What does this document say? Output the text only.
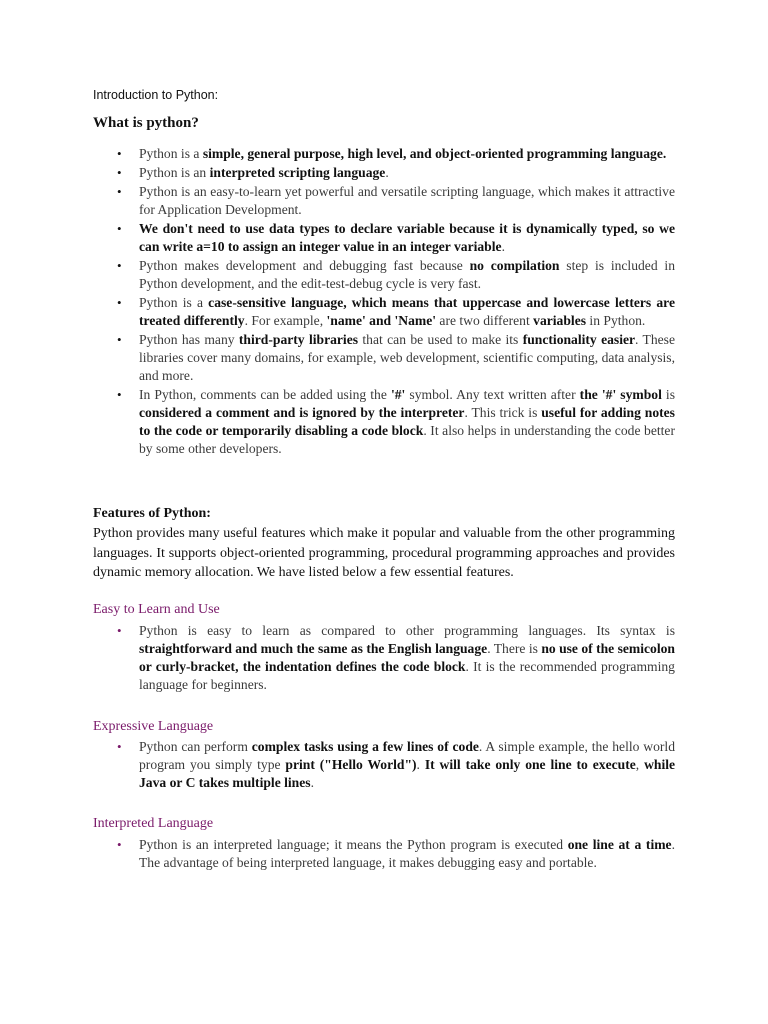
Introduction to Python:
What is python?
• Python is a simple, general purpose, high level, and object-oriented programming language.
• Python is an interpreted scripting language.
• Python is an easy-to-learn yet powerful and versatile scripting language, which makes it attractive for Application Development.
• We don't need to use data types to declare variable because it is dynamically typed, so we can write a=10 to assign an integer value in an integer variable.
• Python makes development and debugging fast because no compilation step is included in Python development, and the edit-test-debug cycle is very fast.
• Python is a case-sensitive language, which means that uppercase and lowercase letters are treated differently. For example, 'name' and 'Name' are two different variables in Python.
• Python has many third-party libraries that can be used to make its functionality easier. These libraries cover many domains, for example, web development, scientific computing, data analysis, and more.
• In Python, comments can be added using the '#' symbol. Any text written after the '#' symbol is considered a comment and is ignored by the interpreter. This trick is useful for adding notes to the code or temporarily disabling a code block. It also helps in understanding the code better by some other developers.
Features of Python:
Python provides many useful features which make it popular and valuable from the other programming languages. It supports object-oriented programming, procedural programming approaches and provides dynamic memory allocation. We have listed below a few essential features.
Easy to Learn and Use
• Python is easy to learn as compared to other programming languages. Its syntax is straightforward and much the same as the English language. There is no use of the semicolon or curly-bracket, the indentation defines the code block. It is the recommended programming language for beginners.
Expressive Language
• Python can perform complex tasks using a few lines of code. A simple example, the hello world program you simply type print ("Hello World"). It will take only one line to execute, while Java or C takes multiple lines.
Interpreted Language
• Python is an interpreted language; it means the Python program is executed one line at a time. The advantage of being interpreted language, it makes debugging easy and portable.
